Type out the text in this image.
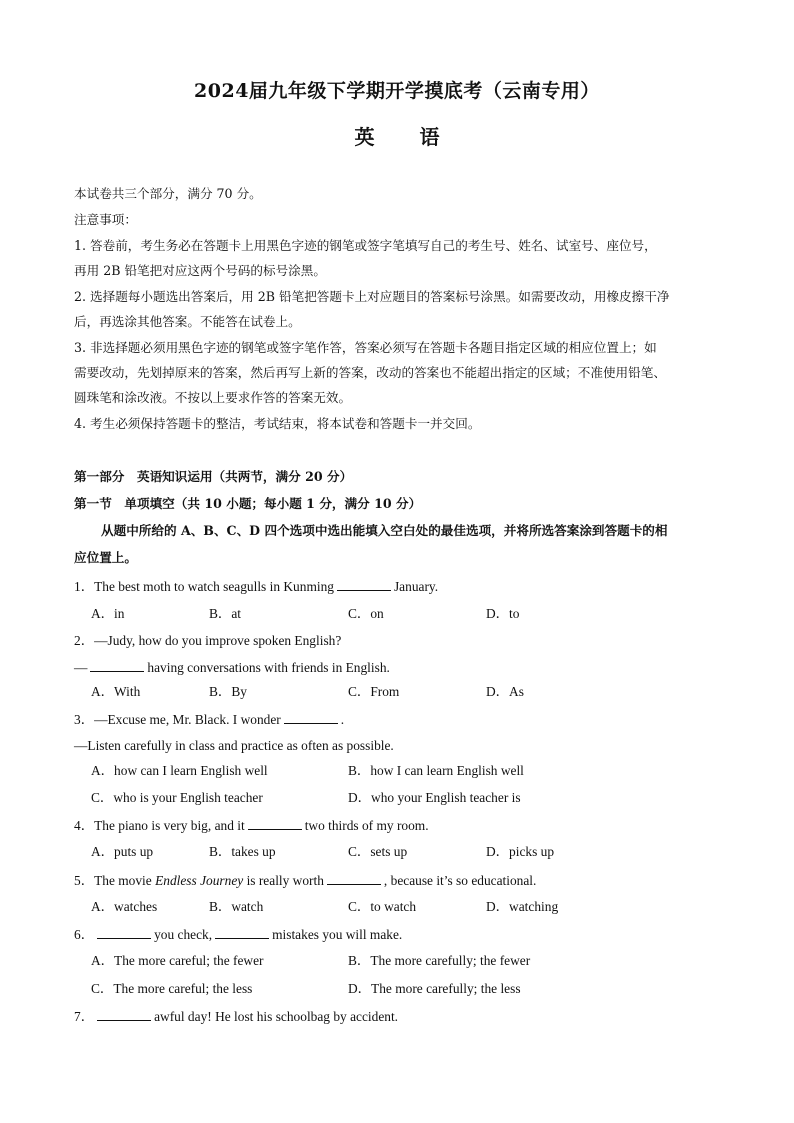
2024届九年级下学期开学摸底考（云南专用）
英 语
本试卷共三个部分，满分 70 分。
注意事项：
1. 答卷前，考生务必在答题卡上用黑色字迹的钢笔或签字笔填写自己的考生号、姓名、试室号、座位号，
再用 2B 铅笔把对应这两个号码的标号涂黑。
2. 选择题每小题选出答案后，用 2B 铅笔把答题卡上对应题目的答案标号涂黑。如需要改动，用橡皮擦干净
后，再选涂其他答案。不能答在试卷上。
3. 非选择题必须用黑色字迹的钢笔或签字笔作答，答案必须写在答题卡各题目指定区域的相应位置上；如
需要改动，先划掉原来的答案，然后再写上新的答案，改动的答案也不能超出指定的区域；不准使用铅笔、
圆珠笔和涂改液。不按以上要求作答的答案无效。
4. 考生必须保持答题卡的整洁，考试结束，将本试卷和答题卡一并交回。
第一部分　英语知识运用（共两节，满分 20 分）
第一节　单项填空（共 10 小题；每小题 1 分，满分 10 分）
从题中所给的 A、B、C、D 四个选项中选出能填入空白处的最佳选项，并将所选答案涂到答题卡的相
应位置上。
1．The best moth to watch seagulls in Kunming	January.
A．in	B．at	C．on	D．to
2．—Judy, how do you improve spoken English?
—	having conversations with friends in English.
A．With	B．By	C．From	D．As
3．—Excuse me, Mr. Black. I wonder	.
—Listen carefully in class and practice as often as possible.
A．how can I learn English well	B．how I can learn English well
C．who is your English teacher	D．who your English teacher is
4．The piano is very big, and it	two thirds of my room.
A．puts up	B．takes up	C．sets up	D．picks up
5．The movie Endless Journey is really worth	, because it’s so educational.
A．watches	B．watch	C．to watch	D．watching
6．	you check,	mistakes you will make.
A．The more careful; the fewer	B．The more carefully; the fewer
C．The more careful; the less	D．The more carefully; the less
7．	awful day! He lost his schoolbag by accident.
